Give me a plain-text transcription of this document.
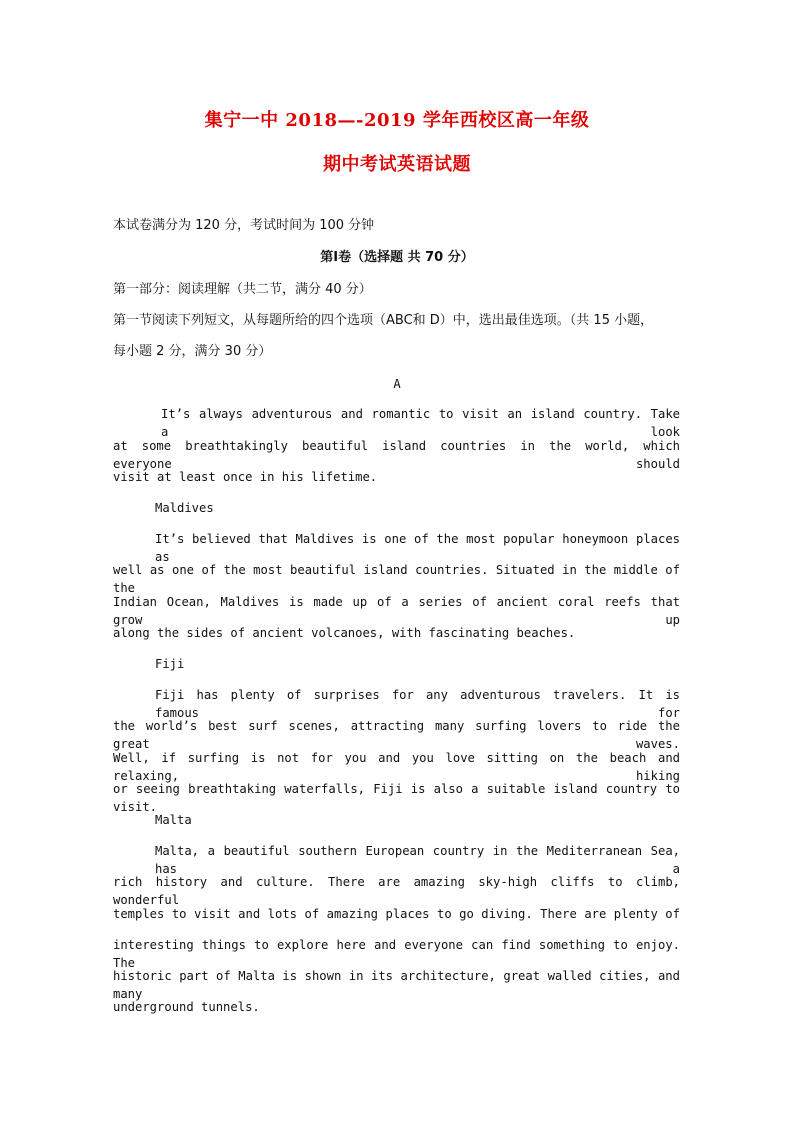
集宁一中 2018—-2019 学年西校区高一年级
期中考试英语试题
本试卷满分为 120 分，考试时间为 100 分钟
第Ⅰ卷（选择题 共 70 分）
第一部分：阅读理解（共二节，满分 40 分）
第一节阅读下列短文，从每题所给的四个选项（ABC和 D）中，选出最佳选项。（共 15 小题，
每小题 2 分，满分 30 分）
A
It’s always adventurous and romantic to visit an island country. Take a look
at some breathtakingly beautiful island countries in the world, which everyone should
visit at least once in his lifetime.
Maldives
It’s believed that Maldives is one of the most popular honeymoon places as
well as one of the most beautiful island countries. Situated in the middle of the
Indian Ocean, Maldives is made up of a series of ancient coral reefs that grow up
along the sides of ancient volcanoes, with fascinating beaches.
Fiji
Fiji has plenty of surprises for any adventurous travelers. It is famous for
the world’s best surf scenes, attracting many surfing lovers to ride the great waves.
Well, if surfing is not for you and you love sitting on the beach and relaxing, hiking
or seeing breathtaking waterfalls, Fiji is also a suitable island country to visit.
Malta
Malta, a beautiful southern European country in the Mediterranean Sea, has a
rich history and culture. There are amazing sky-high cliffs to climb, wonderful
temples to visit and lots of amazing places to go diving. There are plenty of
interesting things to explore here and everyone can find something to enjoy. The
historic part of Malta is shown in its architecture, great walled cities, and many
underground tunnels.
